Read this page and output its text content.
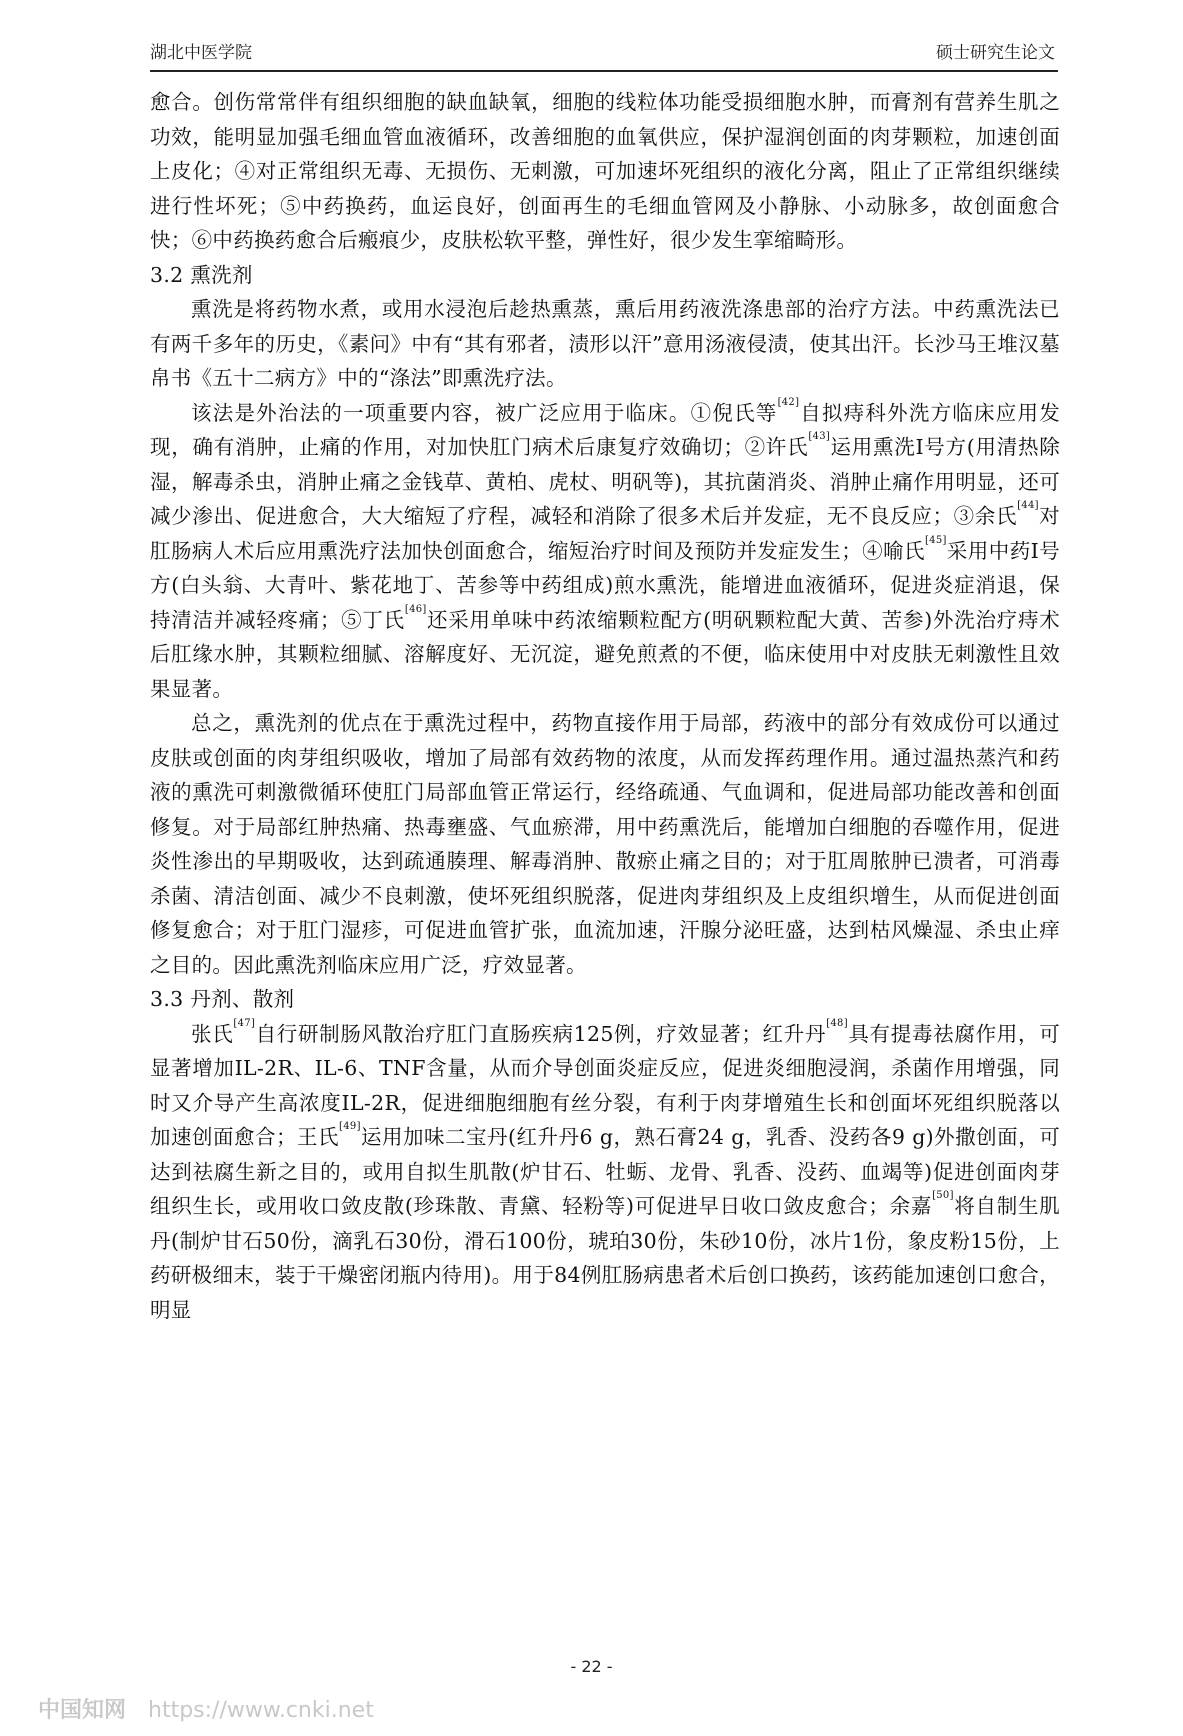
湖北中医学院	硕士研究生论文

愈合。创伤常常伴有组织细胞的缺血缺氧，细胞的线粒体功能受损细胞水肿，而膏剂有营养生肌之功效，能明显加强毛细血管血液循环，改善细胞的血氧供应，保护湿润创面的肉芽颗粒，加速创面上皮化；④对正常组织无毒、无损伤、无刺激，可加速坏死组织的液化分离，阻止了正常组织继续进行性坏死；⑤中药换药，血运良好，创面再生的毛细血管网及小静脉、小动脉多，故创面愈合快；⑥中药换药愈合后瘢痕少，皮肤松软平整，弹性好，很少发生挛缩畸形。

3.2 熏洗剂

熏洗是将药物水煮，或用水浸泡后趁热熏蒸，熏后用药液洗涤患部的治疗方法。中药熏洗法已有两千多年的历史，《素问》中有“其有邪者，渍形以汗”意用汤液侵渍，使其出汗。长沙马王堆汉墓帛书《五十二病方》中的“涤法”即熏洗疗法。

该法是外治法的一项重要内容，被广泛应用于临床。①倪氏等[42]自拟痔科外洗方临床应用发现，确有消肿，止痛的作用，对加快肛门病术后康复疗效确切；②许氏[43]运用熏洗I号方(用清热除湿，解毒杀虫，消肿止痛之金钱草、黄柏、虎杖、明矾等)，其抗菌消炎、消肿止痛作用明显，还可减少渗出、促进愈合，大大缩短了疗程，减轻和消除了很多术后并发症，无不良反应；③余氏[44]对肛肠病人术后应用熏洗疗法加快创面愈合，缩短治疗时间及预防并发症发生；④喻氏[45]采用中药Ⅰ号方(白头翁、大青叶、紫花地丁、苦参等中药组成)煎水熏洗，能增进血液循环，促进炎症消退，保持清洁并减轻疼痛；⑤丁氏[46]还采用单味中药浓缩颗粒配方(明矾颗粒配大黄、苦参)外洗治疗痔术后肛缘水肿，其颗粒细腻、溶解度好、无沉淀，避免煎煮的不便，临床使用中对皮肤无刺激性且效果显著。

总之，熏洗剂的优点在于熏洗过程中，药物直接作用于局部，药液中的部分有效成份可以通过皮肤或创面的肉芽组织吸收，增加了局部有效药物的浓度，从而发挥药理作用。通过温热蒸汽和药液的熏洗可刺激微循环使肛门局部血管正常运行，经络疏通、气血调和，促进局部功能改善和创面修复。对于局部红肿热痛、热毒壅盛、气血瘀滞，用中药熏洗后，能增加白细胞的吞噬作用，促进炎性渗出的早期吸收，达到疏通腠理、解毒消肿、散瘀止痛之目的；对于肛周脓肿已溃者，可消毒杀菌、清洁创面、减少不良刺激，使坏死组织脱落，促进肉芽组织及上皮组织增生，从而促进创面修复愈合；对于肛门湿疹，可促进血管扩张，血流加速，汗腺分泌旺盛，达到枯风燥湿、杀虫止痒之目的。因此熏洗剂临床应用广泛，疗效显著。

3.3 丹剂、散剂

张氏[47]自行研制肠风散治疗肛门直肠疾病125例，疗效显著；红升丹[48]具有提毒祛腐作用，可显著增加IL-2R、IL-6、TNF含量，从而介导创面炎症反应，促进炎细胞浸润，杀菌作用增强，同时又介导产生高浓度IL-2R，促进细胞细胞有丝分裂，有利于肉芽增殖生长和创面坏死组织脱落以加速创面愈合；王氏[49]运用加味二宝丹(红升丹6 g，熟石膏24 g，乳香、没药各9 g)外撒创面，可达到祛腐生新之目的，或用自拟生肌散(炉甘石、牡蛎、龙骨、乳香、没药、血竭等)促进创面肉芽组织生长，或用收口敛皮散(珍珠散、青黛、轻粉等)可促进早日收口敛皮愈合；余嘉[50]将自制生肌丹(制炉甘石50份，滴乳石30份，滑石100份，琥珀30份，朱砂10份，冰片1份，象皮粉15份，上药研极细末，装于干燥密闭瓶内待用)。用于84例肛肠病患者术后创口换药，该药能加速创口愈合，明显

- 22 -
中国知网 https://www.cnki.net
